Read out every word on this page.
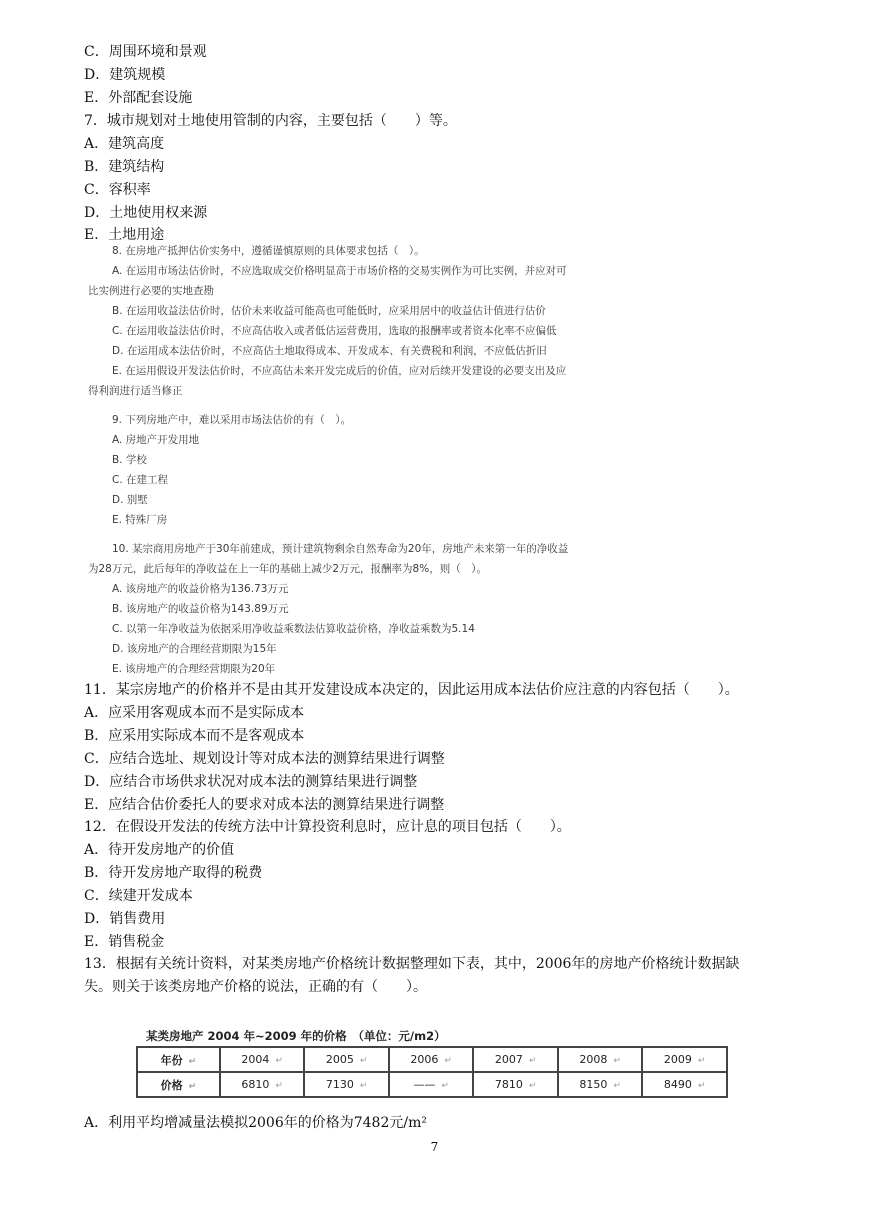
C．周围环境和景观
D．建筑规模
E．外部配套设施
7．城市规划对土地使用管制的内容，主要包括（　　）等。
A．建筑高度
B．建筑结构
C．容积率
D．土地使用权来源
E．土地用途
8. 在房地产抵押估价实务中，遵循谨慎原则的具体要求包括（　）。
A. 在运用市场法估价时，不应选取成交价格明显高于市场价格的交易实例作为可比实例，并应对可
比实例进行必要的实地查勘
B. 在运用收益法估价时，估价未来收益可能高也可能低时，应采用居中的收益估计值进行估价
C. 在运用收益法估价时，不应高估收入或者低估运营费用，选取的报酬率或者资本化率不应偏低
D. 在运用成本法估价时，不应高估土地取得成本、开发成本、有关费税和利润，不应低估折旧
E. 在运用假设开发法估价时，不应高估未来开发完成后的价值，应对后续开发建设的必要支出及应
得利润进行适当修正
9. 下列房地产中，难以采用市场法估价的有（　）。
A. 房地产开发用地
B. 学校
C. 在建工程
D. 别墅
E. 特殊厂房
10. 某宗商用房地产于30年前建成，预计建筑物剩余自然寿命为20年，房地产未来第一年的净收益
为28万元，此后每年的净收益在上一年的基础上减少2万元，报酬率为8%，则（　）。
A. 该房地产的收益价格为136.73万元
B. 该房地产的收益价格为143.89万元
C. 以第一年净收益为依据采用净收益乘数法估算收益价格，净收益乘数为5.14
D. 该房地产的合理经营期限为15年
E. 该房地产的合理经营期限为20年
11．某宗房地产的价格并不是由其开发建设成本决定的，因此运用成本法估价应注意的内容包括（　　）。
A．应采用客观成本而不是实际成本
B．应采用实际成本而不是客观成本
C．应结合选址、规划设计等对成本法的测算结果进行调整
D．应结合市场供求状况对成本法的测算结果进行调整
E．应结合估价委托人的要求对成本法的测算结果进行调整
12．在假设开发法的传统方法中计算投资利息时，应计息的项目包括（　　）。
A．待开发房地产的价值
B．待开发房地产取得的税费
C．续建开发成本
D．销售费用
E．销售税金
13．根据有关统计资料，对某类房地产价格统计数据整理如下表，其中，2006年的房地产价格统计数据缺
失。则关于该类房地产价格的说法，正确的有（　　）。
某类房地产 2004 年~2009 年的价格　（单位：元/m2）
年份 ↵	2004 ↵	2005 ↵	2006 ↵	2007 ↵	2008 ↵	2009 ↵
价格 ↵	6810 ↵	7130 ↵	—— ↵	7810 ↵	8150 ↵	8490 ↵
A．利用平均增减量法模拟2006年的价格为7482元/m²
7
